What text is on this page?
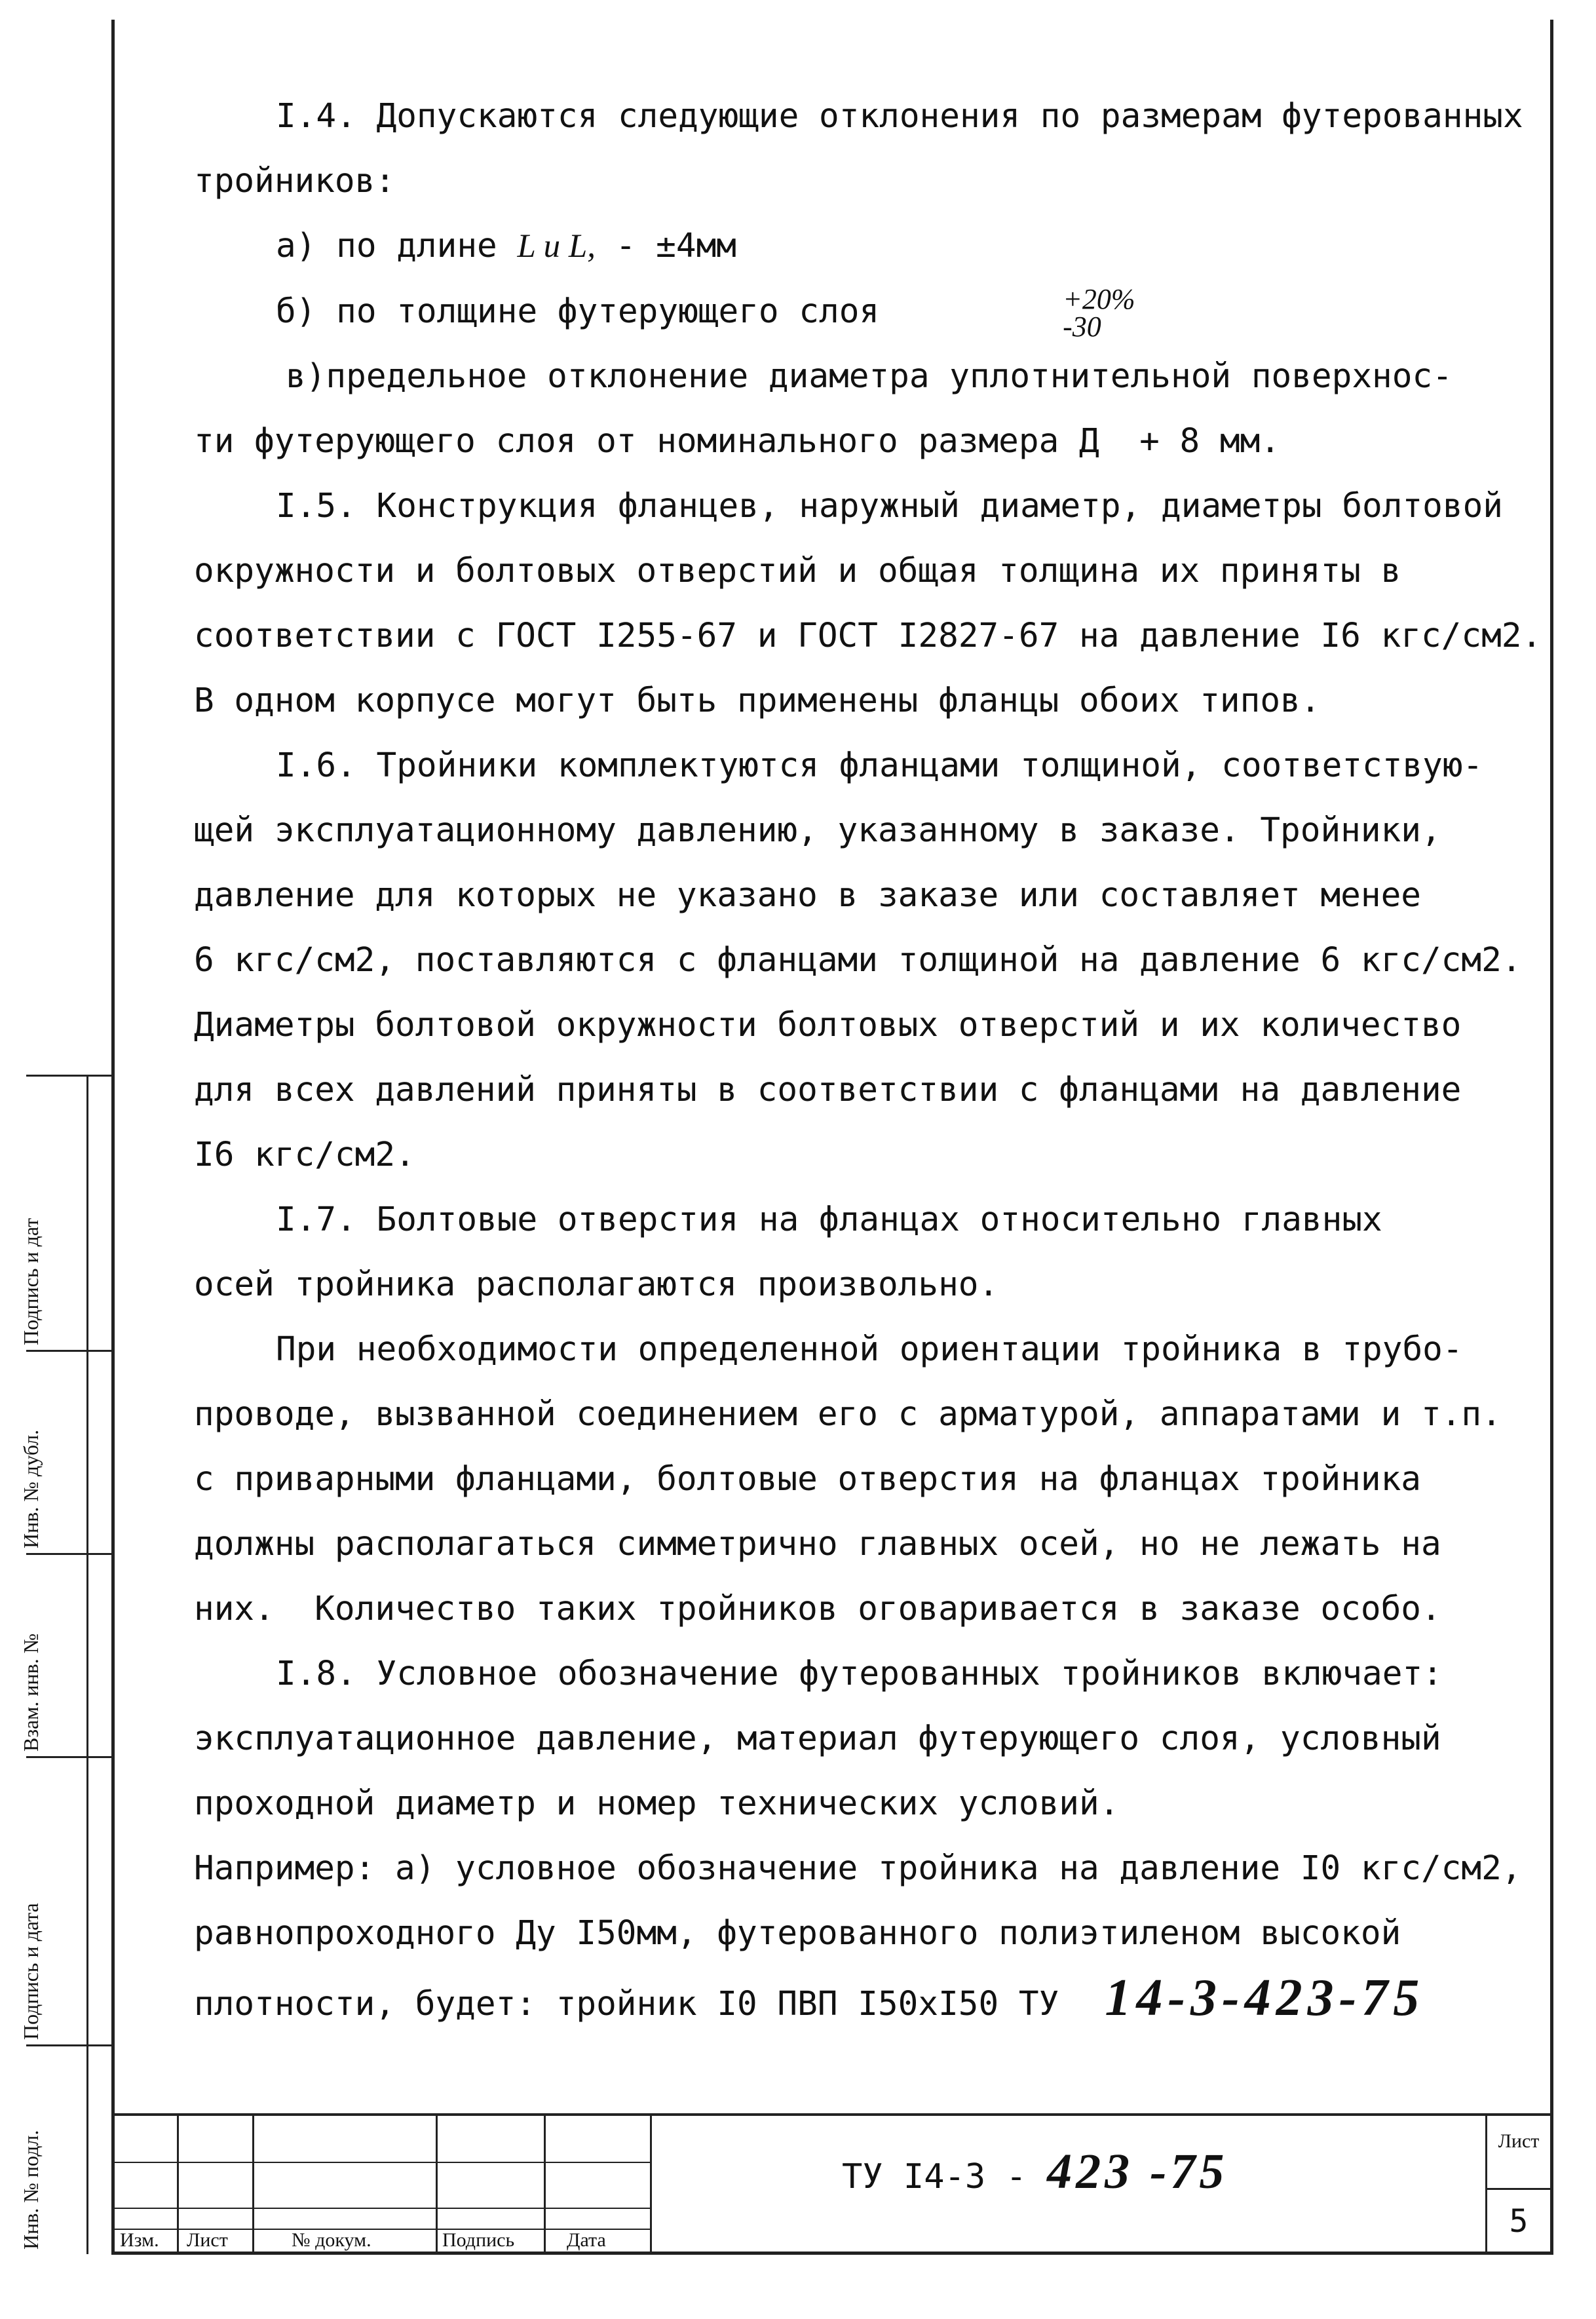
Подпись и дат
Инв. № дубл.
Взам. инв. №
Подпись и дата
Инв. № подл.

I.4. Допускаются следующие отклонения по размерам футерованных

тройников:

а) по длине L и L, - ±4мм

б) по толщине футерующего слоя	+20%
-30

в)предельное отклонение диаметра уплотнительной поверхнос-

ти футерующего слоя от номинального размера Д  + 8 мм.

I.5. Конструкция фланцев, наружный диаметр, диаметры болтовой

окружности и болтовых отверстий и общая толщина их приняты в

соответствии с ГОСТ I255-67 и ГОСТ I2827-67 на давление I6 кгс/см2.

В одном корпусе могут быть применены фланцы обоих типов.

I.6. Тройники комплектуются фланцами толщиной, соответствую-

щей эксплуатационному давлению, указанному в заказе. Тройники,

давление для которых не указано в заказе или составляет менее

6 кгс/см2, поставляются с фланцами толщиной на давление 6 кгс/см2.

Диаметры болтовой окружности болтовых отверстий и их количество

для всех давлений приняты в соответствии с фланцами на давление

I6 кгс/см2.

I.7. Болтовые отверстия на фланцах относительно главных

осей тройника располагаются произвольно.

При необходимости определенной ориентации тройника в трубо-

проводе, вызванной соединением его с арматурой, аппаратами и т.п.

с приварными фланцами, болтовые отверстия на фланцах тройника

должны располагаться симметрично главных осей, но не лежать на

них.  Количество таких тройников оговаривается в заказе особо.

I.8. Условное обозначение футерованных тройников включает:

эксплуатационное давление, материал футерующего слоя, условный

проходной диаметр и номер технических условий.

Например: а) условное обозначение тройника на давление I0 кгс/см2,

равнопроходного Ду I50мм, футерованного полиэтиленом высокой

плотности, будет: тройник I0 ПВП I50хI50 ТУ 14-3-423-75

Изм. Лист	№ докум.	Подпись	Дата
ТУ I4-3 - 423 -75
Лист
5
